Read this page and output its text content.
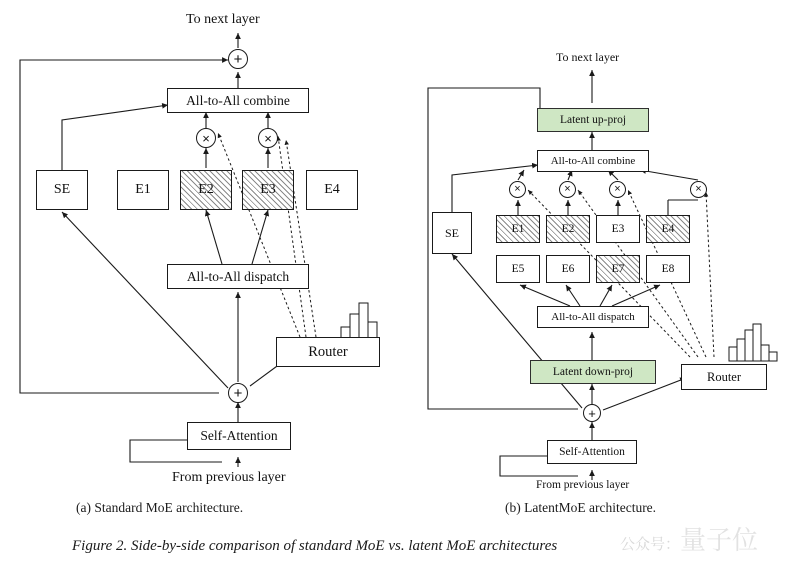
To next layer
+
All-to-All combine
×	×
SE	E1	E2	E3	E4
All-to-All dispatch
Router
+
Self-Attention
From previous layer
(a) Standard MoE architecture.
To next layer
Latent up-proj
All-to-All combine
×	×	×	×
SE	E1	E2	E3	E4
E5	E6	E7	E8
All-to-All dispatch
Latent down-proj	Router
+
Self-Attention
From previous layer
(b) LatentMoE architecture.
Figure 2. Side-by-side comparison of standard MoE vs. latent MoE architectures	公众号：量子位
